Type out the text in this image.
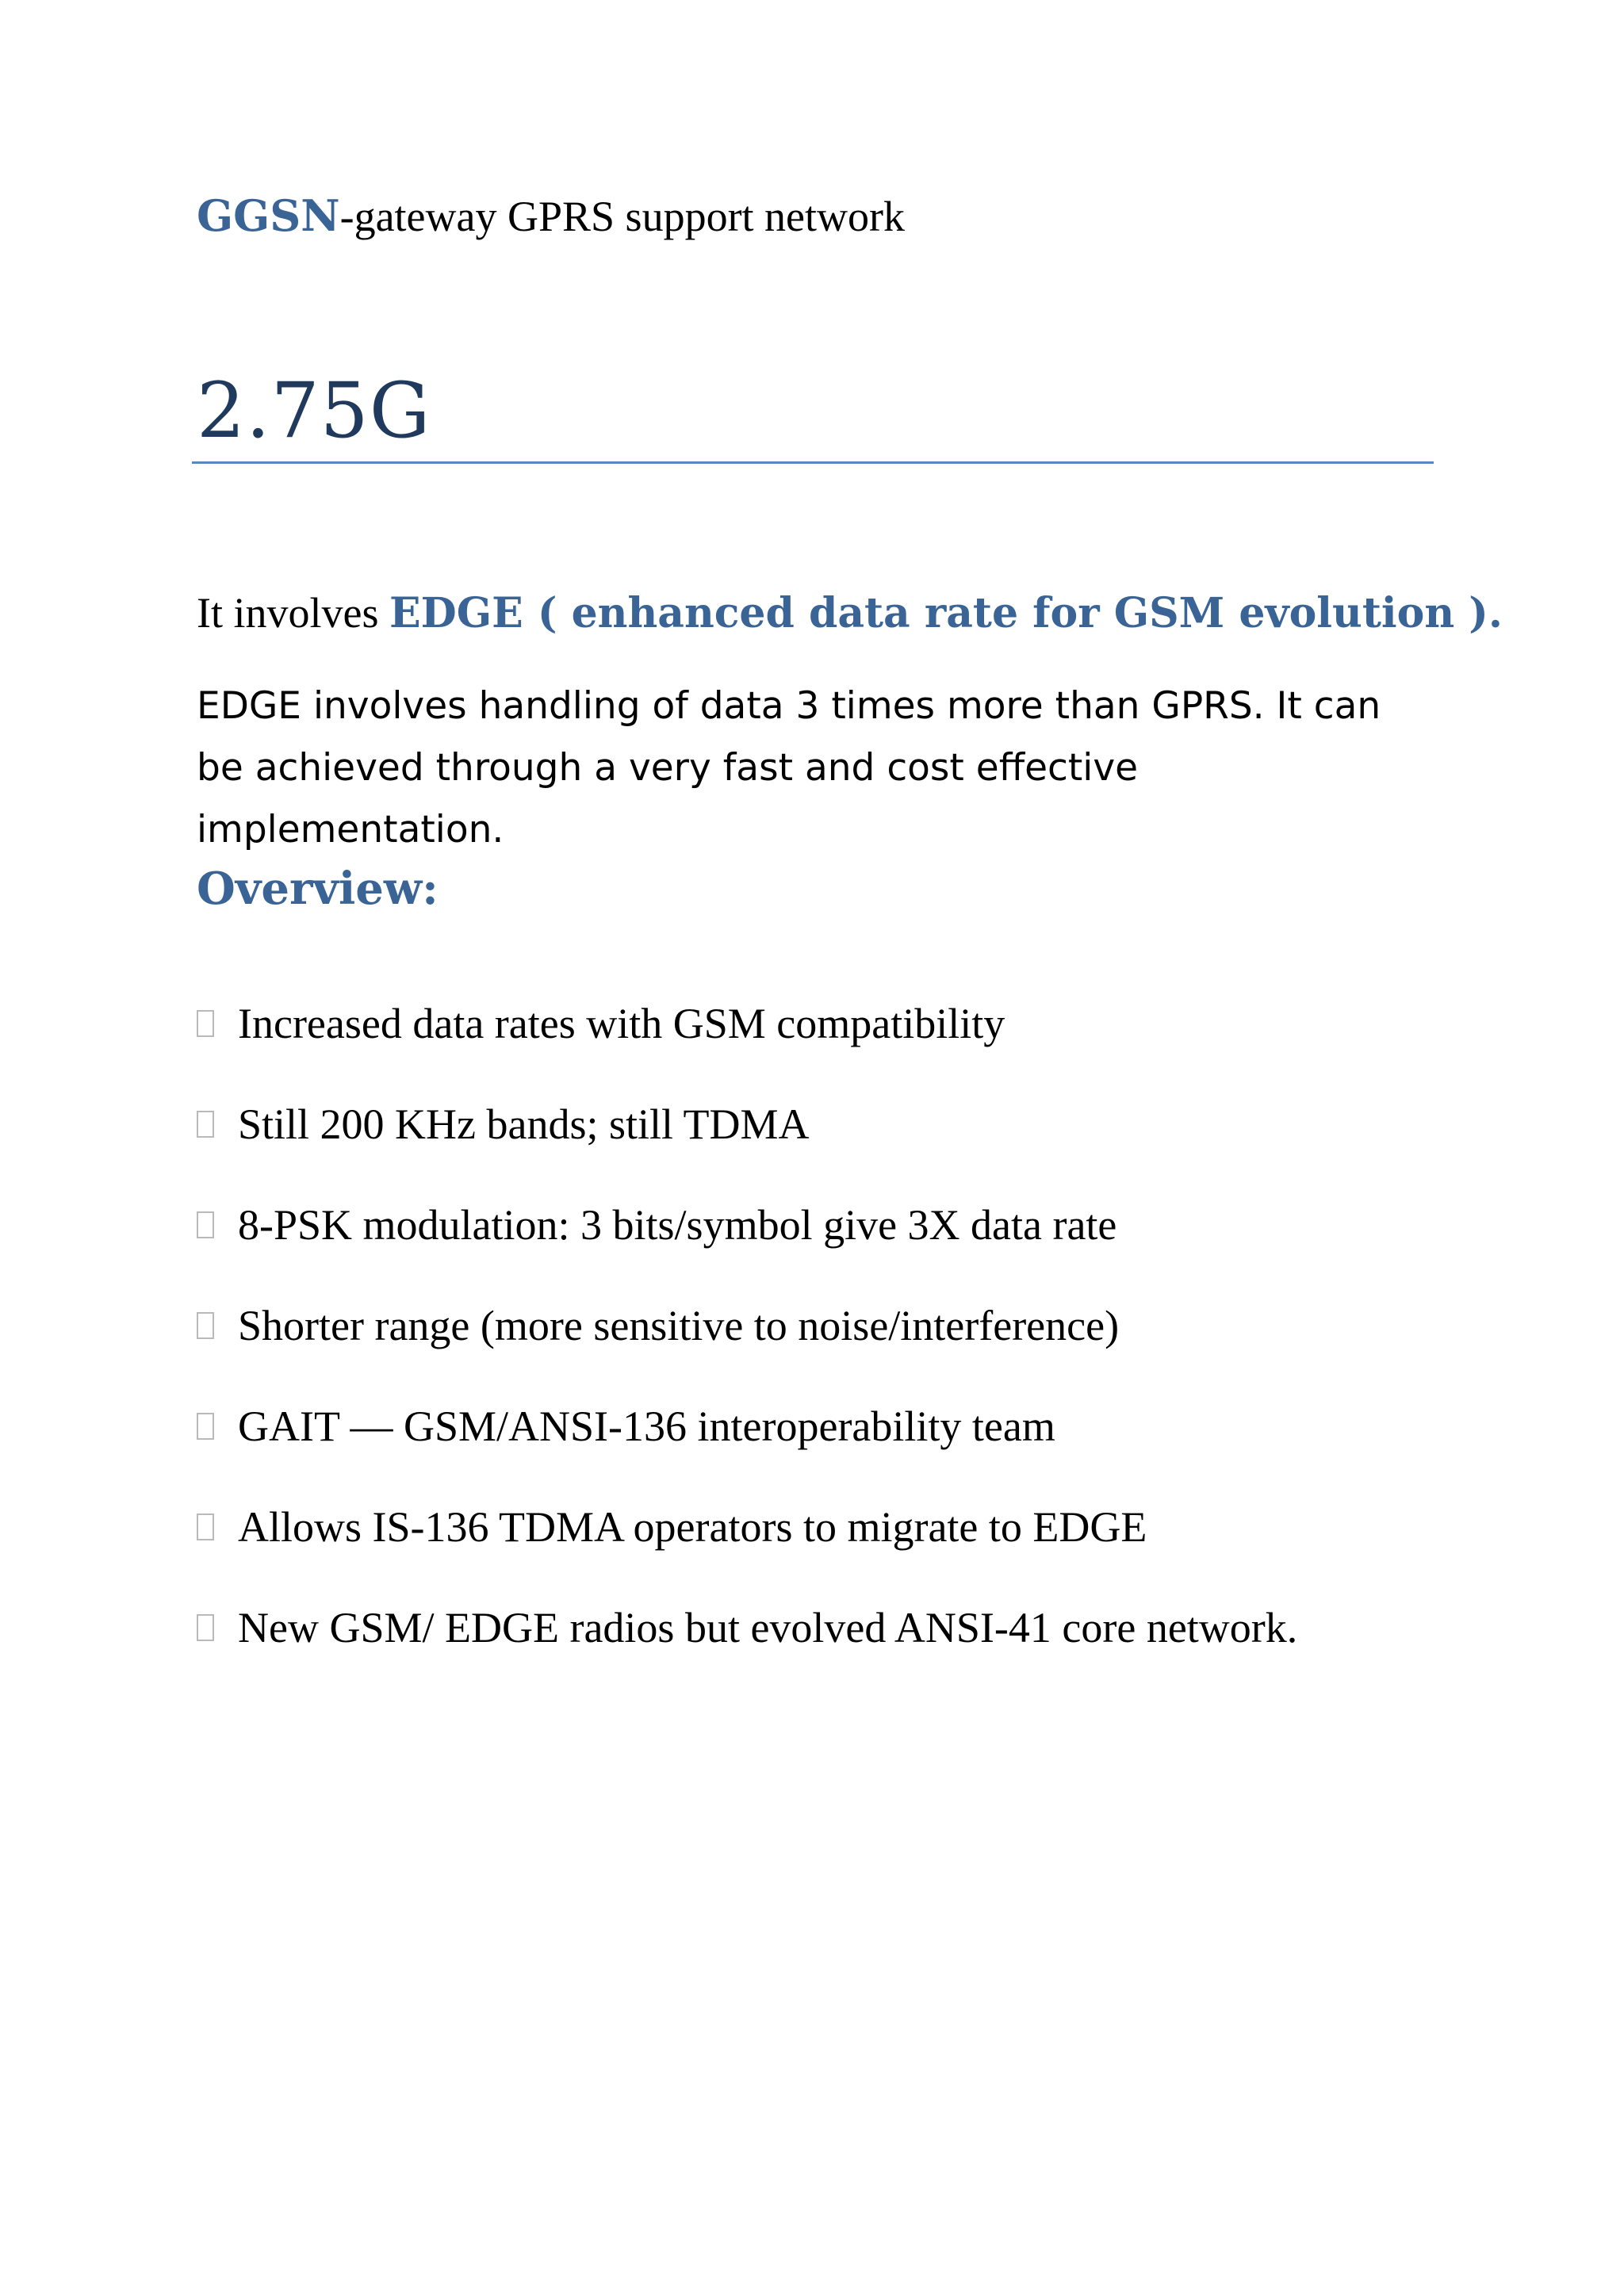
GGSN-gateway GPRS support network
2.75G
It involves EDGE ( enhanced data rate for GSM evolution ).
EDGE involves handling of data 3 times more than GPRS. It can be achieved through a very fast and cost effective implementation.
Overview:
Increased data rates with GSM compatibility
Still 200 KHz bands; still TDMA
8-PSK modulation: 3 bits/symbol give 3X data rate
Shorter range (more sensitive to noise/interference)
GAIT — GSM/ANSI-136 interoperability team
Allows IS-136 TDMA operators to migrate to EDGE
New GSM/ EDGE radios but evolved ANSI-41 core network.
